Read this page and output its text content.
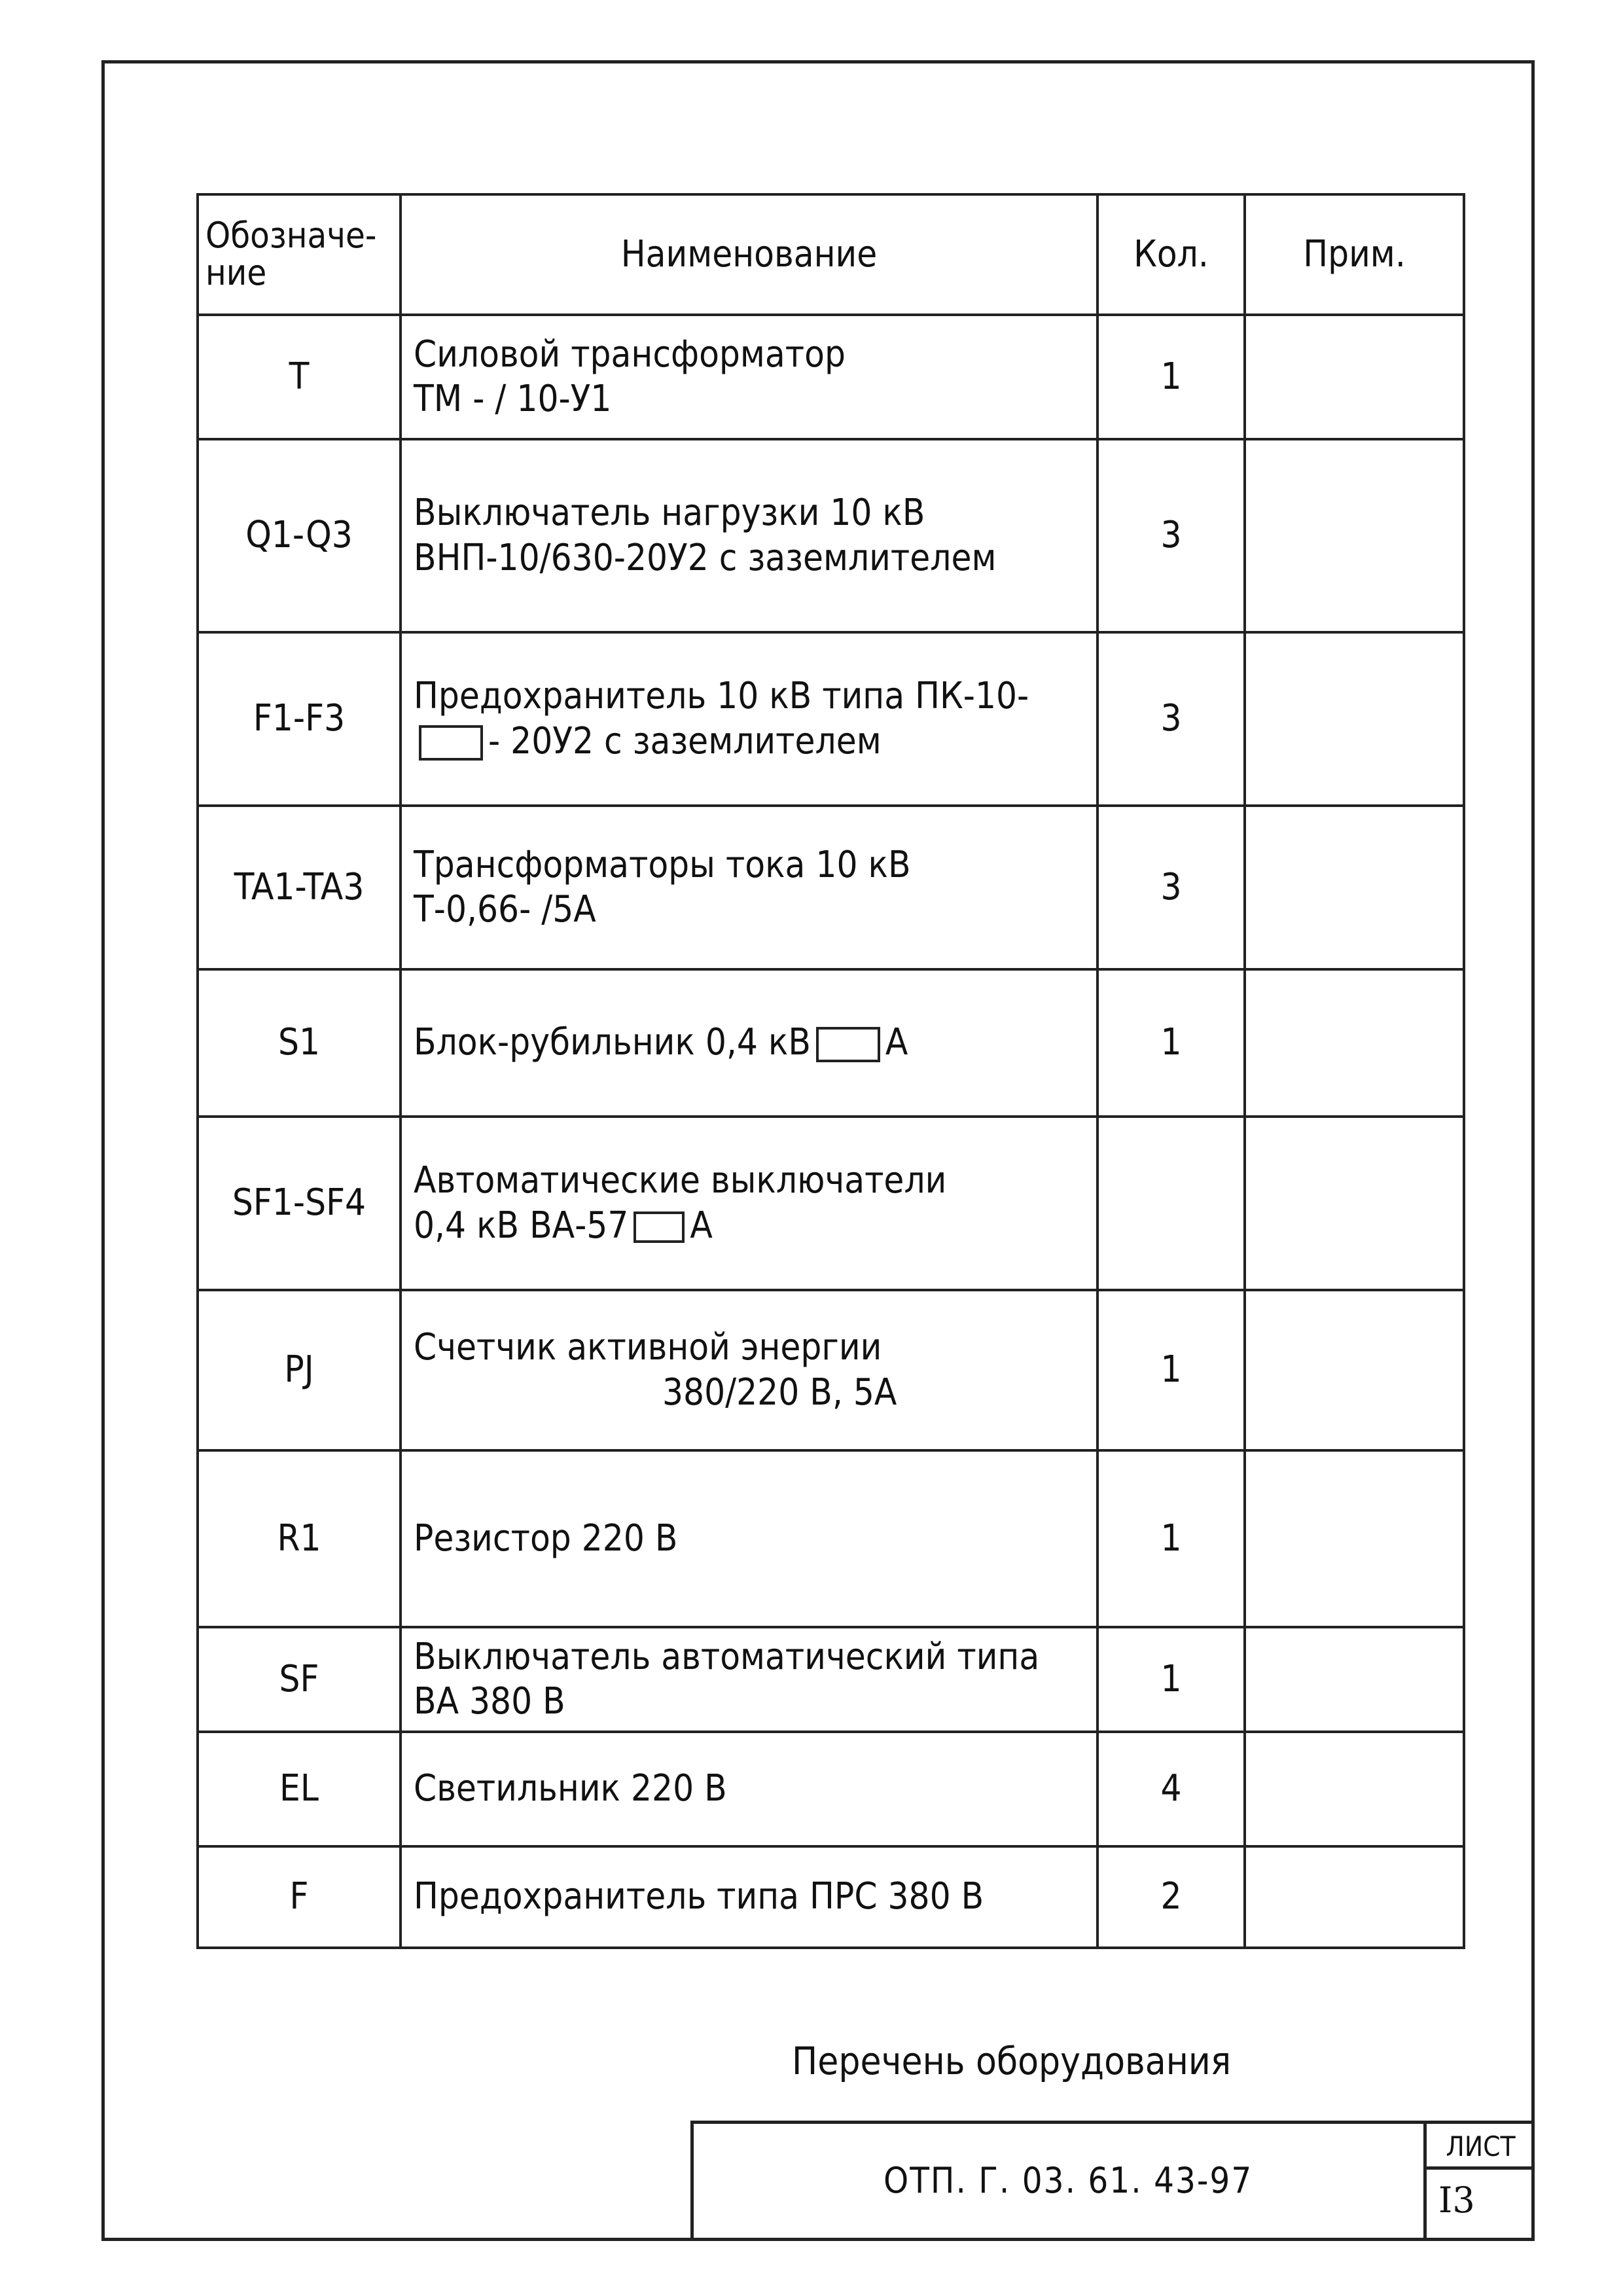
Обозначе-ние	Наименование	Кол.	Прим.
T	Силовой трансформатор
ТМ - / 10-У1	1	
Q1-Q3	Выключатель нагрузки 10 кВ
ВНП-10/630-20У2 с заземлителем	3	
F1-F3	Предохранитель 10 кВ типа ПК-10-
- 20У2 с заземлителем	3	
TA1-TA3	Трансформаторы тока 10 кВ
Т-0,66- /5А	3	
S1	Блок-рубильник 0,4 кВ А	1	
SF1-SF4	Автоматические выключатели
0,4 кВ ВА-57 А		

PJ	Счетчик активной энергии
380/220 В, 5А	1	
R1	Резистор 220 В	1	
SF	Выключатель автоматический типа
ВА 380 В	1	
EL	Светильник 220 В	4	
F	Предохранитель типа ПРС 380 В	2	
Перечень оборудования
ОТП. Г. 03. 61. 43-97
ЛИСТ
I3
